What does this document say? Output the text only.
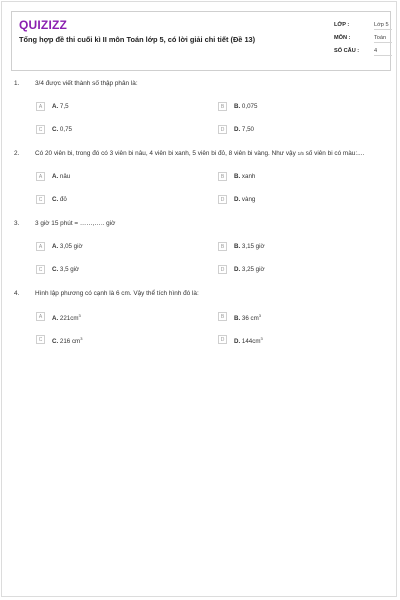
QUIZIZZ
Tổng hợp đề thi cuối kì II môn Toán lớp 5, có lời giải chi tiết (Đề 13)
LỚP :	Lớp 5
MÔN :	Toán
SỐ CÂU :	4
1. 3/4 được viết thành số thập phân là:
A	A. 7,5	B	B. 0,075
C	C. 0,75	D	D. 7,50
2. Có 20 viên bi, trong đó có 3 viên bi nâu, 4 viên bi xanh, 5 viên bi đỏ, 8 viên bi vàng. Như vậy 1/5 số viên bi có màu:....
A	A. nâu	B	B. xanh
C	C. đỏ	D	D. vàng
3. 3 giờ 15 phút = ……,….. giờ
A	A. 3,05 giờ	B	B. 3,15 giờ
C	C. 3,5 giờ	D	D. 3,25 giờ
4. Hình lập phương có cạnh là 6 cm. Vậy thể tích hình đó là:
A	A. $221cm^3$	B	B. 36 $cm^3$
C	C. 216 $cm^3$	D	D. $144cm^3$
